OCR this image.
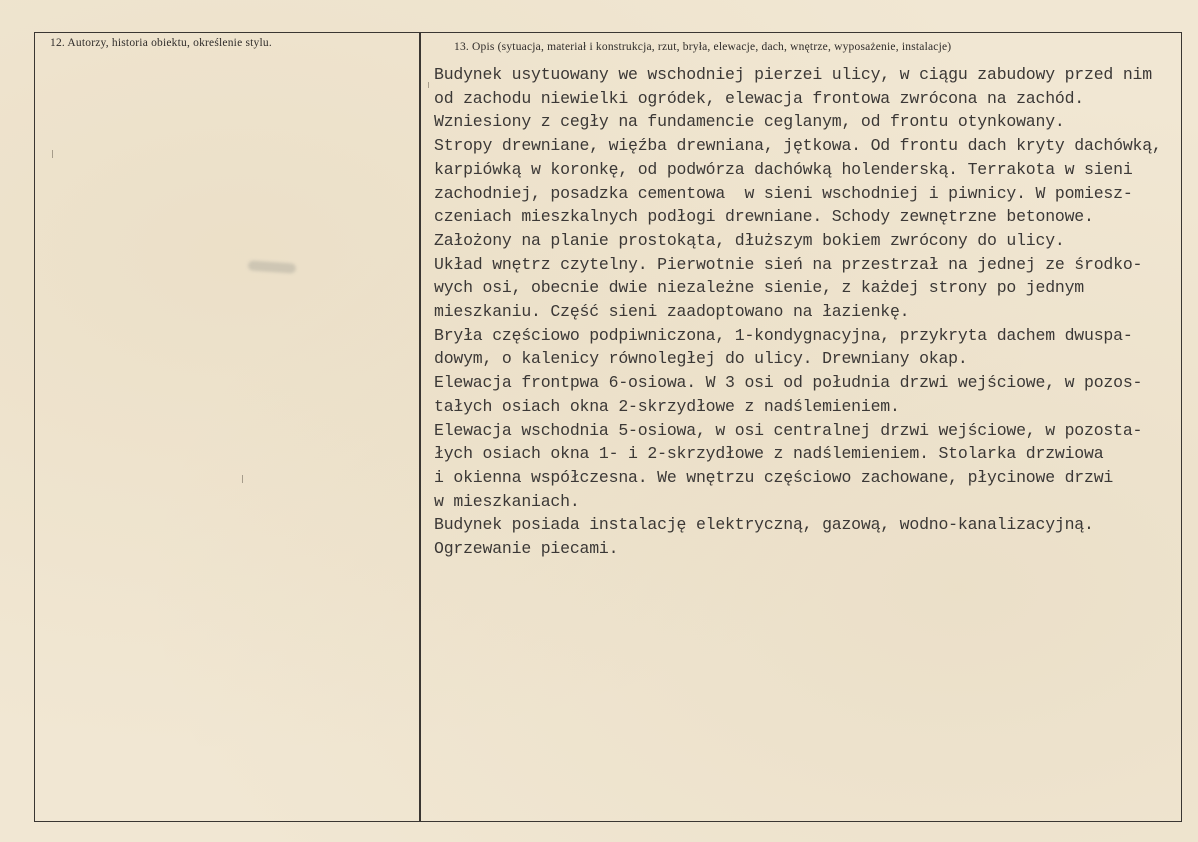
12. Autorzy, historia obiektu, określenie stylu.	13. Opis (sytuacja, materiał i konstrukcja, rzut, bryła, elewacje, dach, wnętrze, wyposażenie, instalacje)
Budynek usytuowany we wschodniej pierzei ulicy, w ciągu zabudowy przed nim
od zachodu niewielki ogródek, elewacja frontowa zwrócona na zachód.
Wzniesiony z cegły na fundamencie ceglanym, od frontu otynkowany.
Stropy drewniane, więźba drewniana, jętkowa. Od frontu dach kryty dachówką,
karpiówką w koronkę, od podwórza dachówką holenderską. Terrakota w sieni
zachodniej, posadzka cementowa  w sieni wschodniej i piwnicy. W pomiesz-
czeniach mieszkalnych podłogi drewniane. Schody zewnętrzne betonowe.
Założony na planie prostokąta, dłuższym bokiem zwrócony do ulicy.
Układ wnętrz czytelny. Pierwotnie sień na przestrzał na jednej ze środko-
wych osi, obecnie dwie niezależne sienie, z każdej strony po jednym
mieszkaniu. Część sieni zaadoptowano na łazienkę.
Bryła częściowo podpiwniczona, 1-kondygnacyjna, przykryta dachem dwuspa-
dowym, o kalenicy równoległej do ulicy. Drewniany okap.
Elewacja frontpwa 6-osiowa. W 3 osi od południa drzwi wejściowe, w pozos-
tałych osiach okna 2-skrzydłowe z nadślemieniem.
Elewacja wschodnia 5-osiowa, w osi centralnej drzwi wejściowe, w pozosta-
łych osiach okna 1- i 2-skrzydłowe z nadślemieniem. Stolarka drzwiowa
i okienna współczesna. We wnętrzu częściowo zachowane, płycinowe drzwi
w mieszkaniach.
Budynek posiada instalację elektryczną, gazową, wodno-kanalizacyjną.
Ogrzewanie piecami.
